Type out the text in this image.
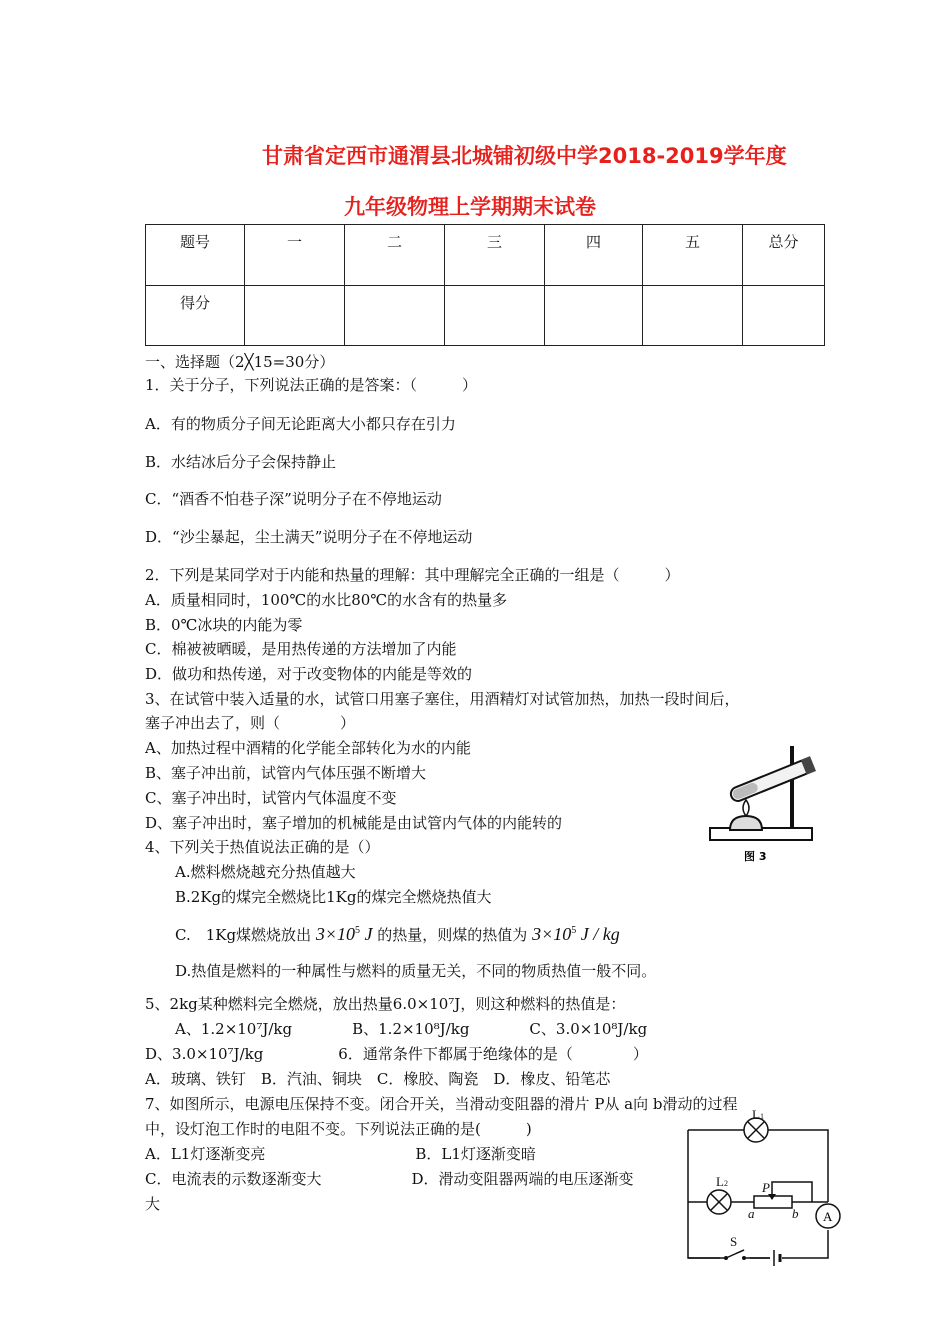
甘肃省定西市通渭县北城铺初级中学2018-2019学年度
九年级物理上学期期末试卷
题号	一	二	三	四	五	总分
得分						
一、选择题（2╳15=30分）
1．关于分子，下列说法正确的是答案：（　　　）
A．有的物质分子间无论距离大小都只存在引力
B．水结冰后分子会保持静止
C．“酒香不怕巷子深”说明分子在不停地运动
D．“沙尘暴起，尘土满天”说明分子在不停地运动
2．下列是某同学对于内能和热量的理解：其中理解完全正确的一组是（　　　）
A．质量相同时，100℃的水比80℃的水含有的热量多
B．0℃冰块的内能为零
C．棉被被晒暖，是用热传递的方法增加了内能
D．做功和热传递，对于改变物体的内能是等效的
3、在试管中装入适量的水，试管口用塞子塞住，用酒精灯对试管加热，加热一段时间后，
塞子冲出去了，则（　　　　）
A、加热过程中酒精的化学能全部转化为水的内能
B、塞子冲出前，试管内气体压强不断增大
C、塞子冲出时，试管内气体温度不变
D、塞子冲出时，塞子增加的机械能是由试管内气体的内能转的
4、下列关于热值说法正确的是（）
A.燃料燃烧越充分热值越大
B.2Kg的煤完全燃烧比1Kg的煤完全燃烧热值大
C.　1Kg煤燃烧放出 $3\times 10^5$ J 的热量，则煤的热值为 $3\times 10^5$ J / kg
D.热值是燃料的一种属性与燃料的质量无关，不同的物质热值一般不同。
5、2kg某种燃料完全燃烧，放出热量6.0×10⁷J，则这种燃料的热值是：
A、1.2×10⁷J/kg　　　　B、1.2×10⁸J/kg　　　　C、3.0×10⁸J/kg
D、3.0×10⁷J/kg　　　　　6．通常条件下都属于绝缘体的是（　　　　）
A．玻璃、铁钉　B．汽油、铜块　C．橡胶、陶瓷　D．橡皮、铅笔芯
7、如图所示，电源电压保持不变。闭合开关，当滑动变阻器的滑片 P从 a向 b滑动的过程
中，设灯泡工作时的电阻不变。下列说法正确的是(　　　)
A．L1灯逐渐变亮　　　　　　　　　　B．L1灯逐渐变暗
C．电流表的示数逐渐变大　　　　　　D．滑动变阻器两端的电压逐渐变
大
图 3
A
L1
L2	P
a	b
S
